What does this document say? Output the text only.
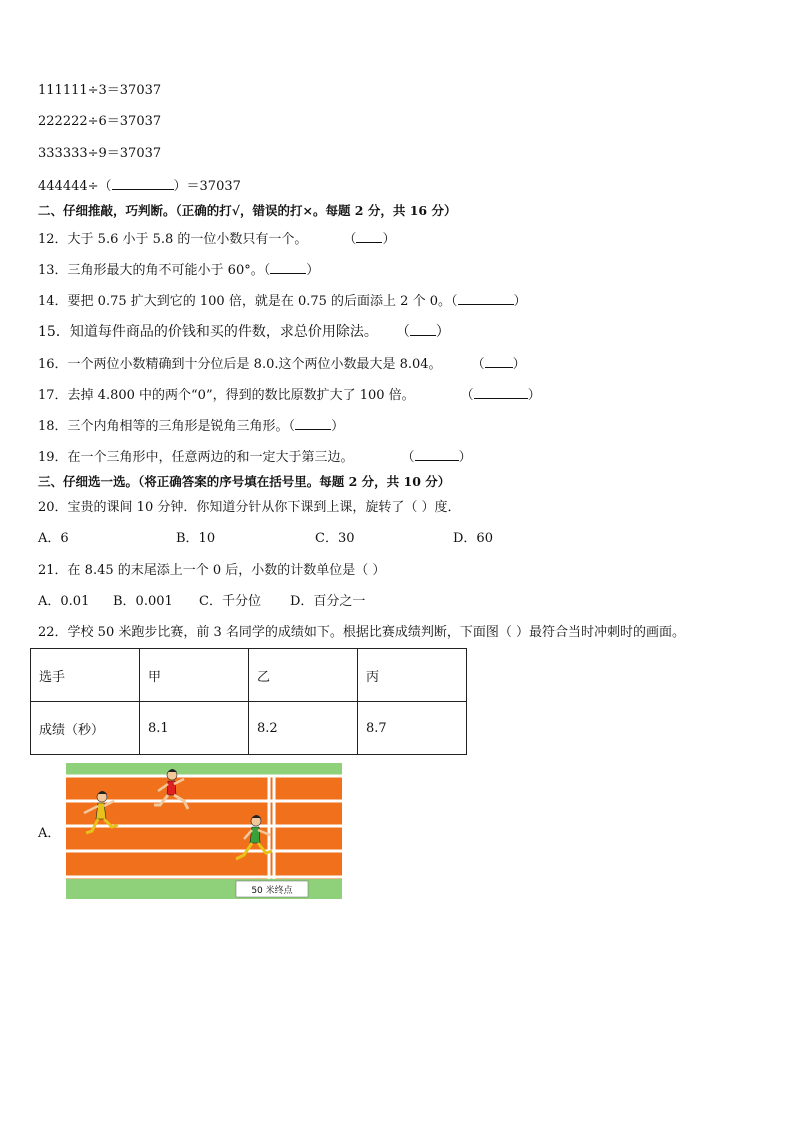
111111÷3＝37037
222222÷6＝37037
333333÷9＝37037
444444÷（	）＝37037
二、仔细推敲，巧判断。（正确的打√，错误的打×。每题 2 分，共 16 分）
12．大于 5.6 小于 5.8 的一位小数只有一个。	（ ）
13．三角形最大的角不可能小于 60°。（	）
14．要把 0.75 扩大到它的 100 倍，就是在 0.75 的后面添上 2 个 0。（	）
15．知道每件商品的价钱和买的件数，求总价用除法。 （ ）
16．一个两位小数精确到十分位后是 8.0.这个两位小数最大是 8.04。 （ ）
17．去掉 4.800 中的两个“0”，得到的数比原数扩大了 100 倍。	（	）
18．三个内角相等的三角形是锐角三角形。（	）
19．在一个三角形中，任意两边的和一定大于第三边。	（	）
三、仔细选一选。（将正确答案的序号填在括号里。每题 2 分，共 10 分）
20．宝贵的课间 10 分钟．你知道分针从你下课到上课，旋转了（ ）度．
A．6	B．10	C．30	D．60
21．在 8.45 的末尾添上一个 0 后，小数的计数单位是（ ）
A．0.01 B．0.001 C．千分位 D．百分之一
22．学校 50 米跑步比赛，前 3 名同学的成绩如下。根据比赛成绩判断，下面图（ ）最符合当时冲刺时的画面。
选手	甲	乙	丙
成绩（秒）	8.1	8.2	8.7
A．
50 米终点
